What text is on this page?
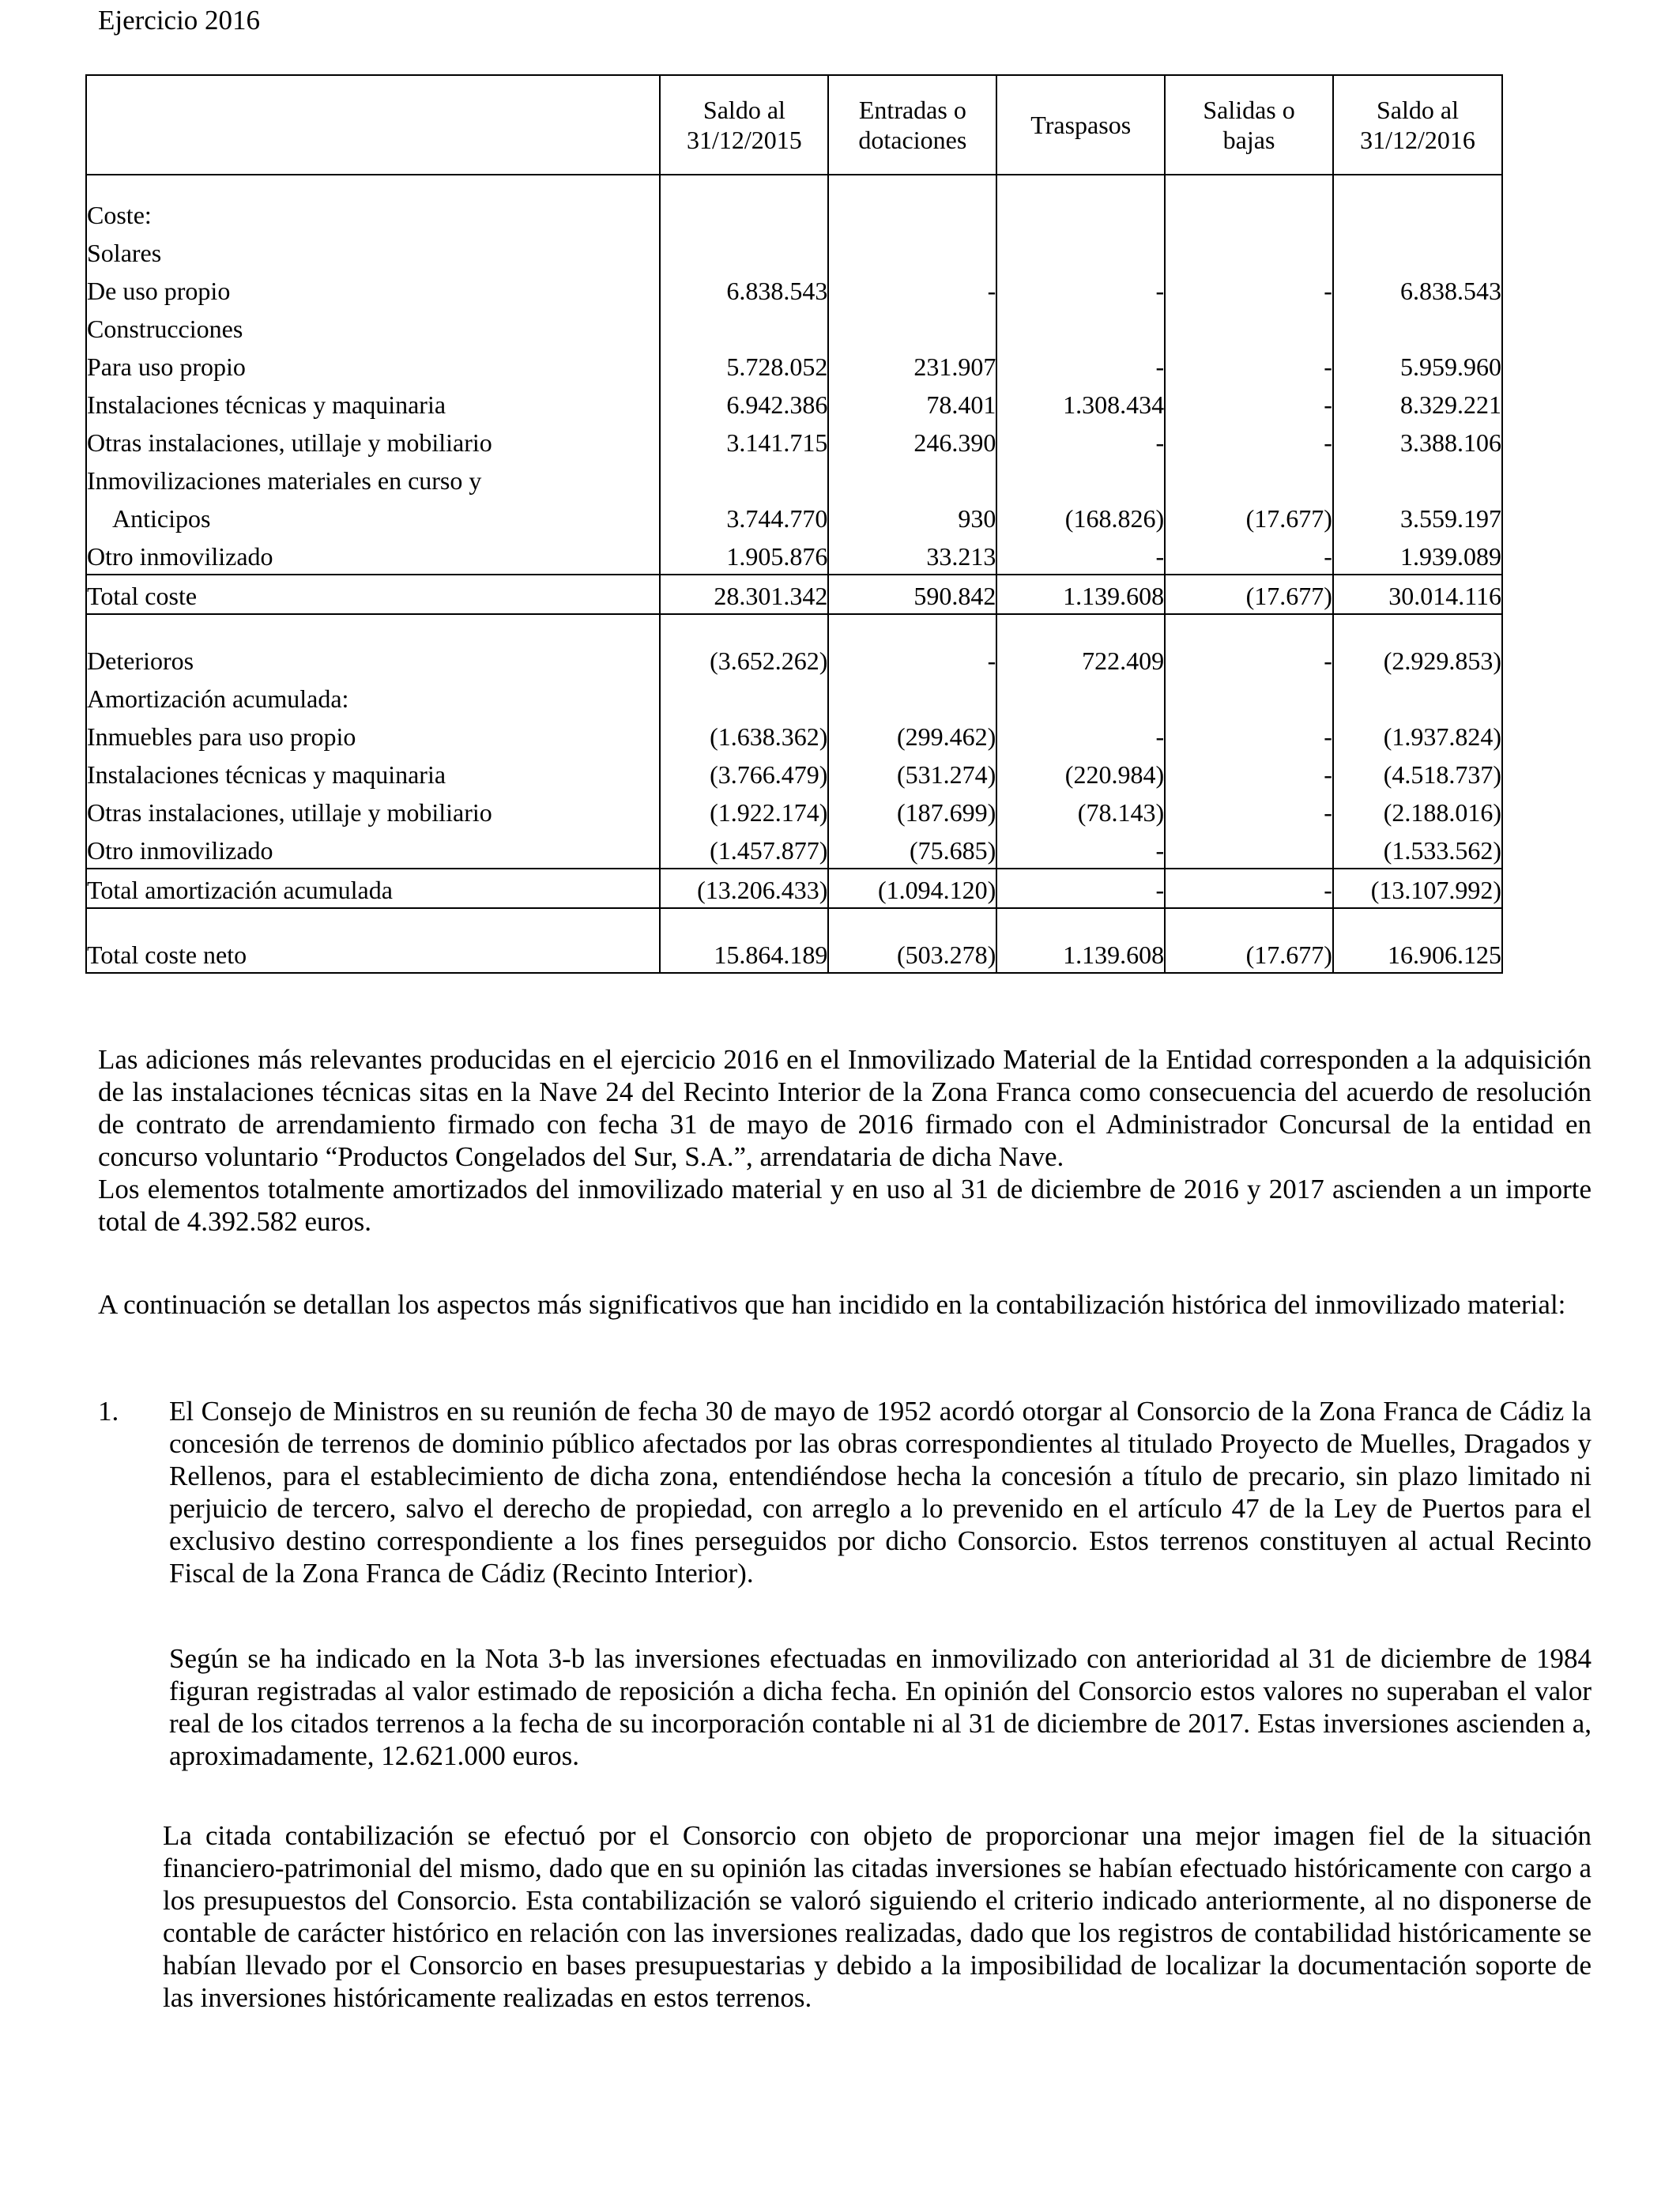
Ejercicio 2016
	Saldo al 31/12/2015	Entradas o dotaciones	Traspasos	Salidas o bajas	Saldo al 31/12/2016

Coste:					
Solares					
De uso propio	6.838.543	-	-	-	6.838.543
Construcciones					
Para uso propio	5.728.052	231.907	-	-	5.959.960
Instalaciones técnicas y maquinaria	6.942.386	78.401	1.308.434	-	8.329.221
Otras instalaciones, utillaje y mobiliario	3.141.715	246.390	-	-	3.388.106
Inmovilizaciones materiales en curso y					
Anticipos	3.744.770	930	(168.826)	(17.677)	3.559.197
Otro inmovilizado	1.905.876	33.213	-	-	1.939.089
Total coste	28.301.342	590.842	1.139.608	(17.677)	30.014.116

Deterioros	(3.652.262)	-	722.409	-	(2.929.853)
Amortización acumulada:					
Inmuebles para uso propio	(1.638.362)	(299.462)	-	-	(1.937.824)
Instalaciones técnicas y maquinaria	(3.766.479)	(531.274)	(220.984)	-	(4.518.737)
Otras instalaciones, utillaje y mobiliario	(1.922.174)	(187.699)	(78.143)	-	(2.188.016)
Otro inmovilizado	(1.457.877)	(75.685)	-		(1.533.562)
Total amortización acumulada	(13.206.433)	(1.094.120)	-	-	(13.107.992)

Total coste neto	15.864.189	(503.278)	1.139.608	(17.677)	16.906.125
Las adiciones más relevantes producidas en el ejercicio 2016 en el Inmovilizado Material de la Entidad corresponden a la adquisición de las instalaciones técnicas sitas en la Nave 24 del Recinto Interior de la Zona Franca como consecuencia del acuerdo de resolución de contrato de arrendamiento firmado con fecha 31 de mayo de 2016 firmado con el Administrador Concursal de la entidad en concurso voluntario “Productos Congelados del Sur, S.A.”, arrendataria de dicha Nave.
Los elementos totalmente amortizados del inmovilizado material y en uso al 31 de diciembre de 2016 y 2017 ascienden a un importe total de 4.392.582 euros.
A continuación se detallan los aspectos más significativos que han incidido en la contabilización histórica del inmovilizado material:
1. El Consejo de Ministros en su reunión de fecha 30 de mayo de 1952 acordó otorgar al Consorcio de la Zona Franca de Cádiz la concesión de terrenos de dominio público afectados por las obras correspondientes al titulado Proyecto de Muelles, Dragados y Rellenos, para el establecimiento de dicha zona, entendiéndose hecha la concesión a título de precario, sin plazo limitado ni perjuicio de tercero, salvo el derecho de propiedad, con arreglo a lo prevenido en el artículo 47 de la Ley de Puertos para el exclusivo destino correspondiente a los fines perseguidos por dicho Consorcio. Estos terrenos constituyen al actual Recinto Fiscal de la Zona Franca de Cádiz (Recinto Interior).
Según se ha indicado en la Nota 3-b las inversiones efectuadas en inmovilizado con anterioridad al 31 de diciembre de 1984 figuran registradas al valor estimado de reposición a dicha fecha. En opinión del Consorcio estos valores no superaban el valor real de los citados terrenos a la fecha de su incorporación contable ni al 31 de diciembre de 2017. Estas inversiones ascienden a, aproximadamente, 12.621.000 euros.
La citada contabilización se efectuó por el Consorcio con objeto de proporcionar una mejor imagen fiel de la situación financiero-patrimonial del mismo, dado que en su opinión las citadas inversiones se habían efectuado históricamente con cargo a los presupuestos del Consorcio. Esta contabilización se valoró siguiendo el criterio indicado anteriormente, al no disponerse de contable de carácter histórico en relación con las inversiones realizadas, dado que los registros de contabilidad históricamente se habían llevado por el Consorcio en bases presupuestarias y debido a la imposibilidad de localizar la documentación soporte de las inversiones históricamente realizadas en estos terrenos.
